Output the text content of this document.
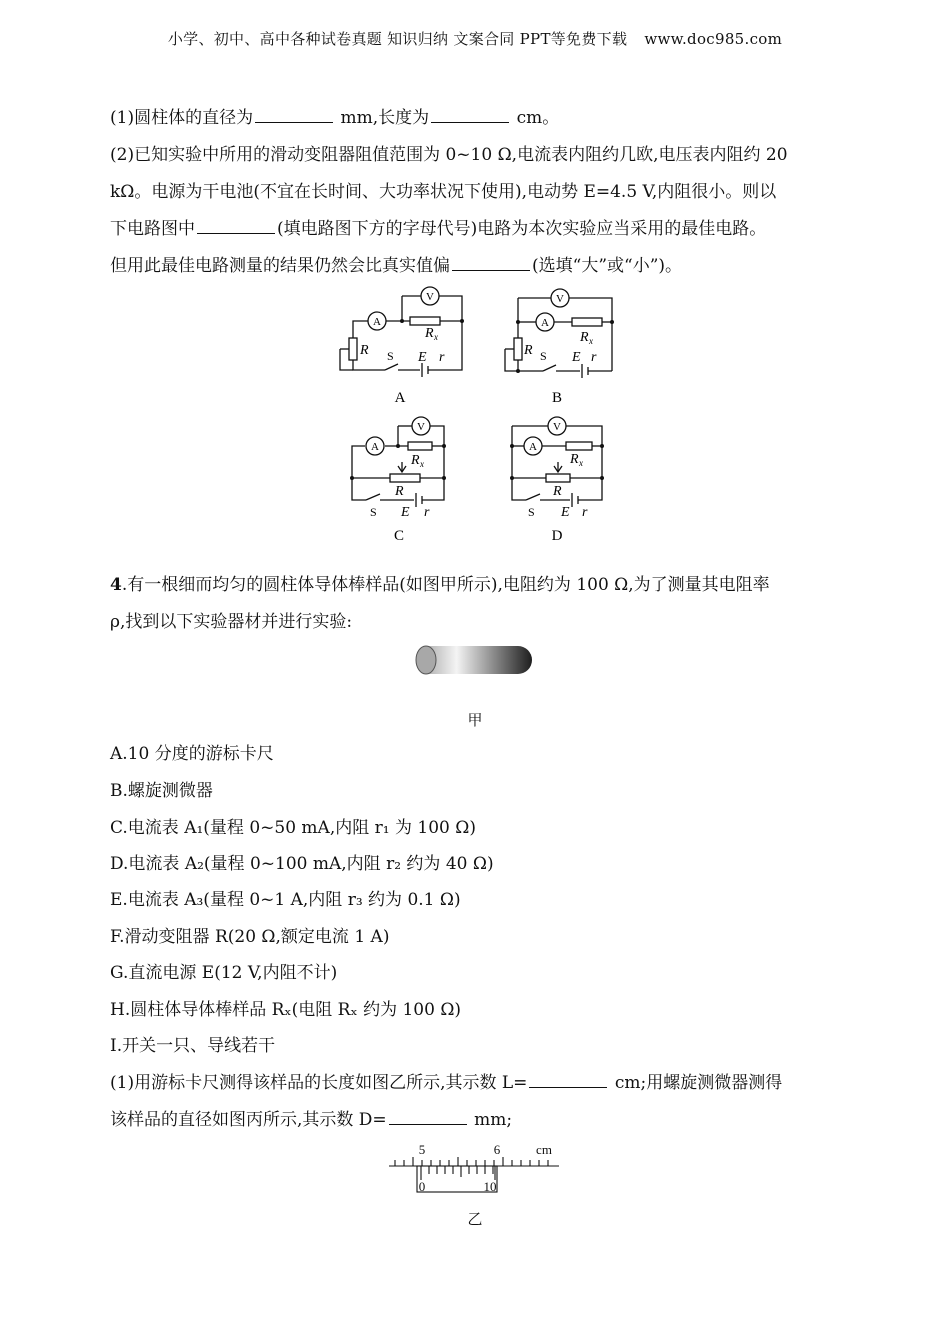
小学、初中、高中各种试卷真题 知识归纳 文案合同 PPT等免费下载 www.doc985.com
(1)圆柱体的直径为	mm,长度为	cm。
(2)已知实验中所用的滑动变阻器阻值范围为 0~10 Ω,电流表内阻约几欧,电压表内阻约 20
kΩ。电源为干电池(不宜在长时间、大功率状况下使用),电动势 E=4.5 V,内阻很小。则以
下电路图中	(填电路图下方的字母代号)电路为本次实验应当采用的最佳电路。
但用此最佳电路测量的结果仍然会比真实值偏	(选填“大”或“小”)。
V
A
V
A
V
A
V
A
R x
R S E r
R x
R S E r
R x
R
S E r
R x
R
S E r
A	B
C	D
4.有一根细而均匀的圆柱体导体棒样品(如图甲所示),电阻约为 100 Ω,为了测量其电阻率
ρ,找到以下实验器材并进行实验:
甲
A.10 分度的游标卡尺
B.螺旋测微器
C.电流表 A₁(量程 0~50 mA,内阻 r₁ 为 100 Ω)
D.电流表 A₂(量程 0~100 mA,内阻 r₂ 约为 40 Ω)
E.电流表 A₃(量程 0~1 A,内阻 r₃ 约为 0.1 Ω)
F.滑动变阻器 R(20 Ω,额定电流 1 A)
G.直流电源 E(12 V,内阻不计)
H.圆柱体导体棒样品 Rₓ(电阻 Rₓ 约为 100 Ω)
I.开关一只、导线若干
(1)用游标卡尺测得该样品的长度如图乙所示,其示数 L=	cm;用螺旋测微器测得
该样品的直径如图丙所示,其示数 D=	mm;
5	6	cm
0	10
乙
